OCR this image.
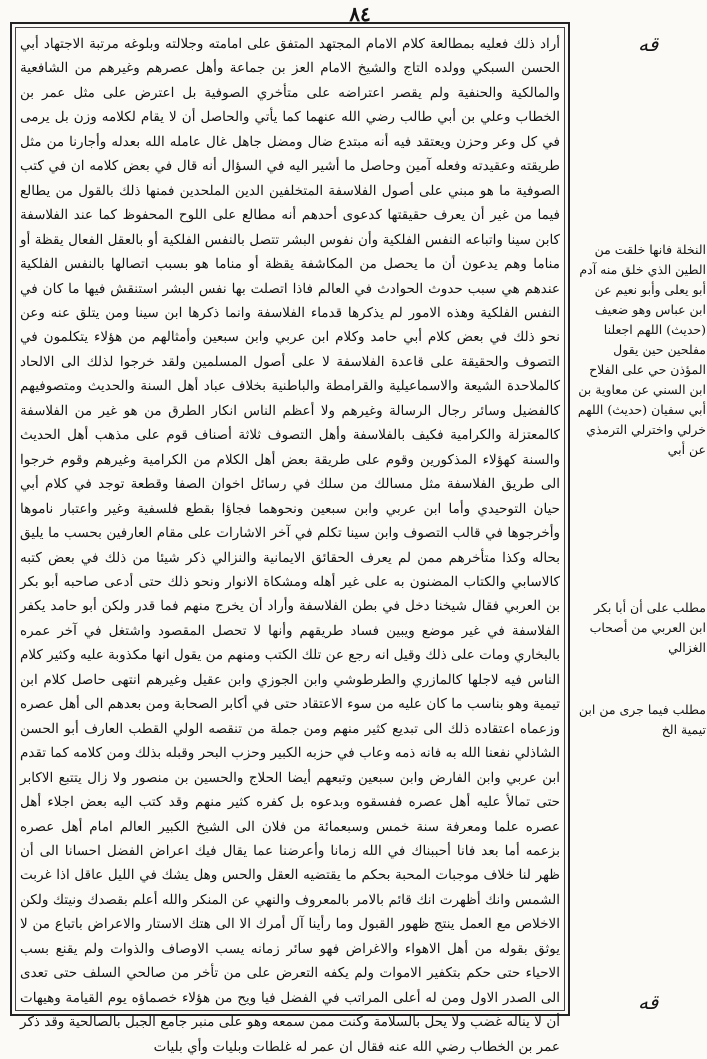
٨٤
قه
قه

أراد ذلك فعليه بمطالعة كلام الامام المجتهد المتفق على امامته وجلالته وبلوغه مرتبة الاجتهاد أبي الحسن السبكي وولده التاج والشيخ الامام العز بن جماعة وأهل عصرهم وغيرهم من الشافعية والمالكية والحنفية ولم يقصر اعتراضه على متأخري الصوفية بل اعترض على مثل عمر بن الخطاب وعلي بن أبي طالب رضي الله عنهما كما يأتي والحاصل أن لا يقام لكلامه وزن بل يرمى في كل وعر وحزن ويعتقد فيه أنه مبتدع ضال ومضل جاهل غال عامله الله بعدله وأجارنا من مثل طريقته وعقيدته وفعله آمين وحاصل ما أشير اليه في السؤال أنه قال في بعض كلامه ان في كتب الصوفية ما هو مبني على أصول الفلاسفة المتخلفين الدين الملحدين فمنها ذلك بالقول من يطالع فيما من غير أن يعرف حقيقتها كدعوى أحدهم أنه مطالع على اللوح المحفوظ كما عند الفلاسفة كابن سينا واتباعه النفس الفلكية وأن نفوس البشر تتصل بالنفس الفلكية أو بالعقل الفعال يقظة أو مناما وهم يدعون أن ما يحصل من المكاشفة يقظة أو مناما هو بسبب اتصالها بالنفس الفلكية عندهم هي سبب حدوث الحوادث في العالم فاذا اتصلت بها نفس البشر استنقش فيها ما كان في النفس الفلكية وهذه الامور لم يذكرها قدماء الفلاسفة وانما ذكرها ابن سينا ومن يتلق عنه وعن نحو ذلك في بعض كلام أبي حامد وكلام ابن عربي وابن سبعين وأمثالهم من هؤلاء يتكلمون في التصوف والحقيقة على قاعدة الفلاسفة لا على أصول المسلمين ولقد خرجوا لذلك الى الالحاد كالملاحدة الشيعة والاسماعيلية والقرامطة والباطنية بخلاف عباد أهل السنة والحديث ومتصوفيهم كالفضيل وسائر رجال الرسالة وغيرهم ولا أعظم الناس انكار الطرق من هو غير من الفلاسفة كالمعتزلة والكرامية فكيف بالفلاسفة وأهل التصوف ثلاثة أصناف قوم على مذهب أهل الحديث والسنة كهؤلاء المذكورين وقوم على طريقة بعض أهل الكلام من الكرامية وغيرهم وقوم خرجوا الى طريق الفلاسفة مثل مسالك من سلك في رسائل اخوان الصفا وقطعة توجد في كلام أبي حيان التوحيدي وأما ابن عربي وابن سبعين ونحوهما فجاؤا بقطع فلسفية وغير واعتبار ناموها وأخرجوها في قالب التصوف وابن سينا تكلم في آخر الاشارات على مقام العارفين بحسب ما يليق بحاله وكذا متأخرهم ممن لم يعرف الحقائق الايمانية والنزالي ذكر شيئا من ذلك في بعض كتبه كالاسابي والكتاب المضنون به على غير أهله ومشكاة الانوار ونحو ذلك حتى أدعى صاحبه أبو بكر بن العربي فقال شيخنا دخل في بطن الفلاسفة وأراد أن يخرج منهم فما قدر ولكن أبو حامد يكفر الفلاسفة في غير موضع ويبين فساد طريقهم وأنها لا تحصل المقصود واشتغل في آخر عمره بالبخاري ومات على ذلك وقيل انه رجع عن تلك الكتب ومنهم من يقول انها مكذوبة عليه وكثير كلام الناس فيه لاجلها كالمازري والطرطوشي وابن الجوزي وابن عقيل وغيرهم انتهى حاصل كلام ابن تيمية وهو بناسب ما كان عليه من سوء الاعتقاد حتى في أكابر الصحابة ومن بعدهم الى أهل عصره وزعماه اعتقاده ذلك الى تبديع كثير منهم ومن جملة من تنقصه الولي القطب العارف أبو الحسن الشاذلي نفعنا الله به فانه ذمه وعاب في حزبه الكبير وحزب البحر وقبله بذلك ومن كلامه كما تقدم ابن عربي وابن الفارض وابن سبعين وتبعهم أيضا الحلاج والحسين بن منصور ولا زال يتتبع الاكابر حتى تمالأ عليه أهل عصره ففسقوه وبدعوه بل كفره كثير منهم وقد كتب اليه بعض اجلاء أهل عصره علما ومعرفة سنة خمس وسبعمائة من فلان الى الشيخ الكبير العالم امام أهل عصره بزعمه أما بعد فانا أحببناك في الله زمانا وأعرضنا عما يقال فيك اعراض الفضل احسانا الى أن ظهر لنا خلاف موجبات المحبة بحكم ما يقتضيه العقل والحس وهل يشك في الليل عاقل اذا غربت الشمس وانك أظهرت انك قائم بالامر بالمعروف والنهي عن المنكر والله أعلم بقصدك ونيتك ولكن الاخلاص مع العمل ينتج ظهور القبول وما رأينا آل أمرك الا الى هتك الاستار والاعراض باتباع من لا يوثق بقوله من أهل الاهواء والاغراض فهو سائر زمانه يسب الاوصاف والذوات ولم يقنع بسب الاحياء حتى حكم بتكفير الاموات ولم يكفه التعرض على من تأخر من صالحي السلف حتى تعدى الى الصدر الاول ومن له أعلى المراتب في الفضل فيا ويح من هؤلاء خصماؤه يوم القيامة وهيهات أن لا يناله غضب ولا يحل بالسلامة وكنت ممن سمعه وهو على منبر جامع الجبل بالصالحية وقد ذكر عمر بن الخطاب رضي الله عنه فقال ان عمر له غلطات وبليات وأي بليات

النخلة فانها خلقت من الطين الذي خلق منه آدم أبو يعلى وأبو نعيم عن ابن عباس وهو ضعيف (حديث) اللهم اجعلنا مفلحين حين يقول المؤذن حي على الفلاح ابن السني عن معاوية بن أبي سفيان (حديث) اللهم خرلي واخترلي الترمذي عن أبي
مطلب على أن أبا بكر ابن العربي من أصحاب الغزالي
مطلب فيما جرى من ابن تيمية الخ
